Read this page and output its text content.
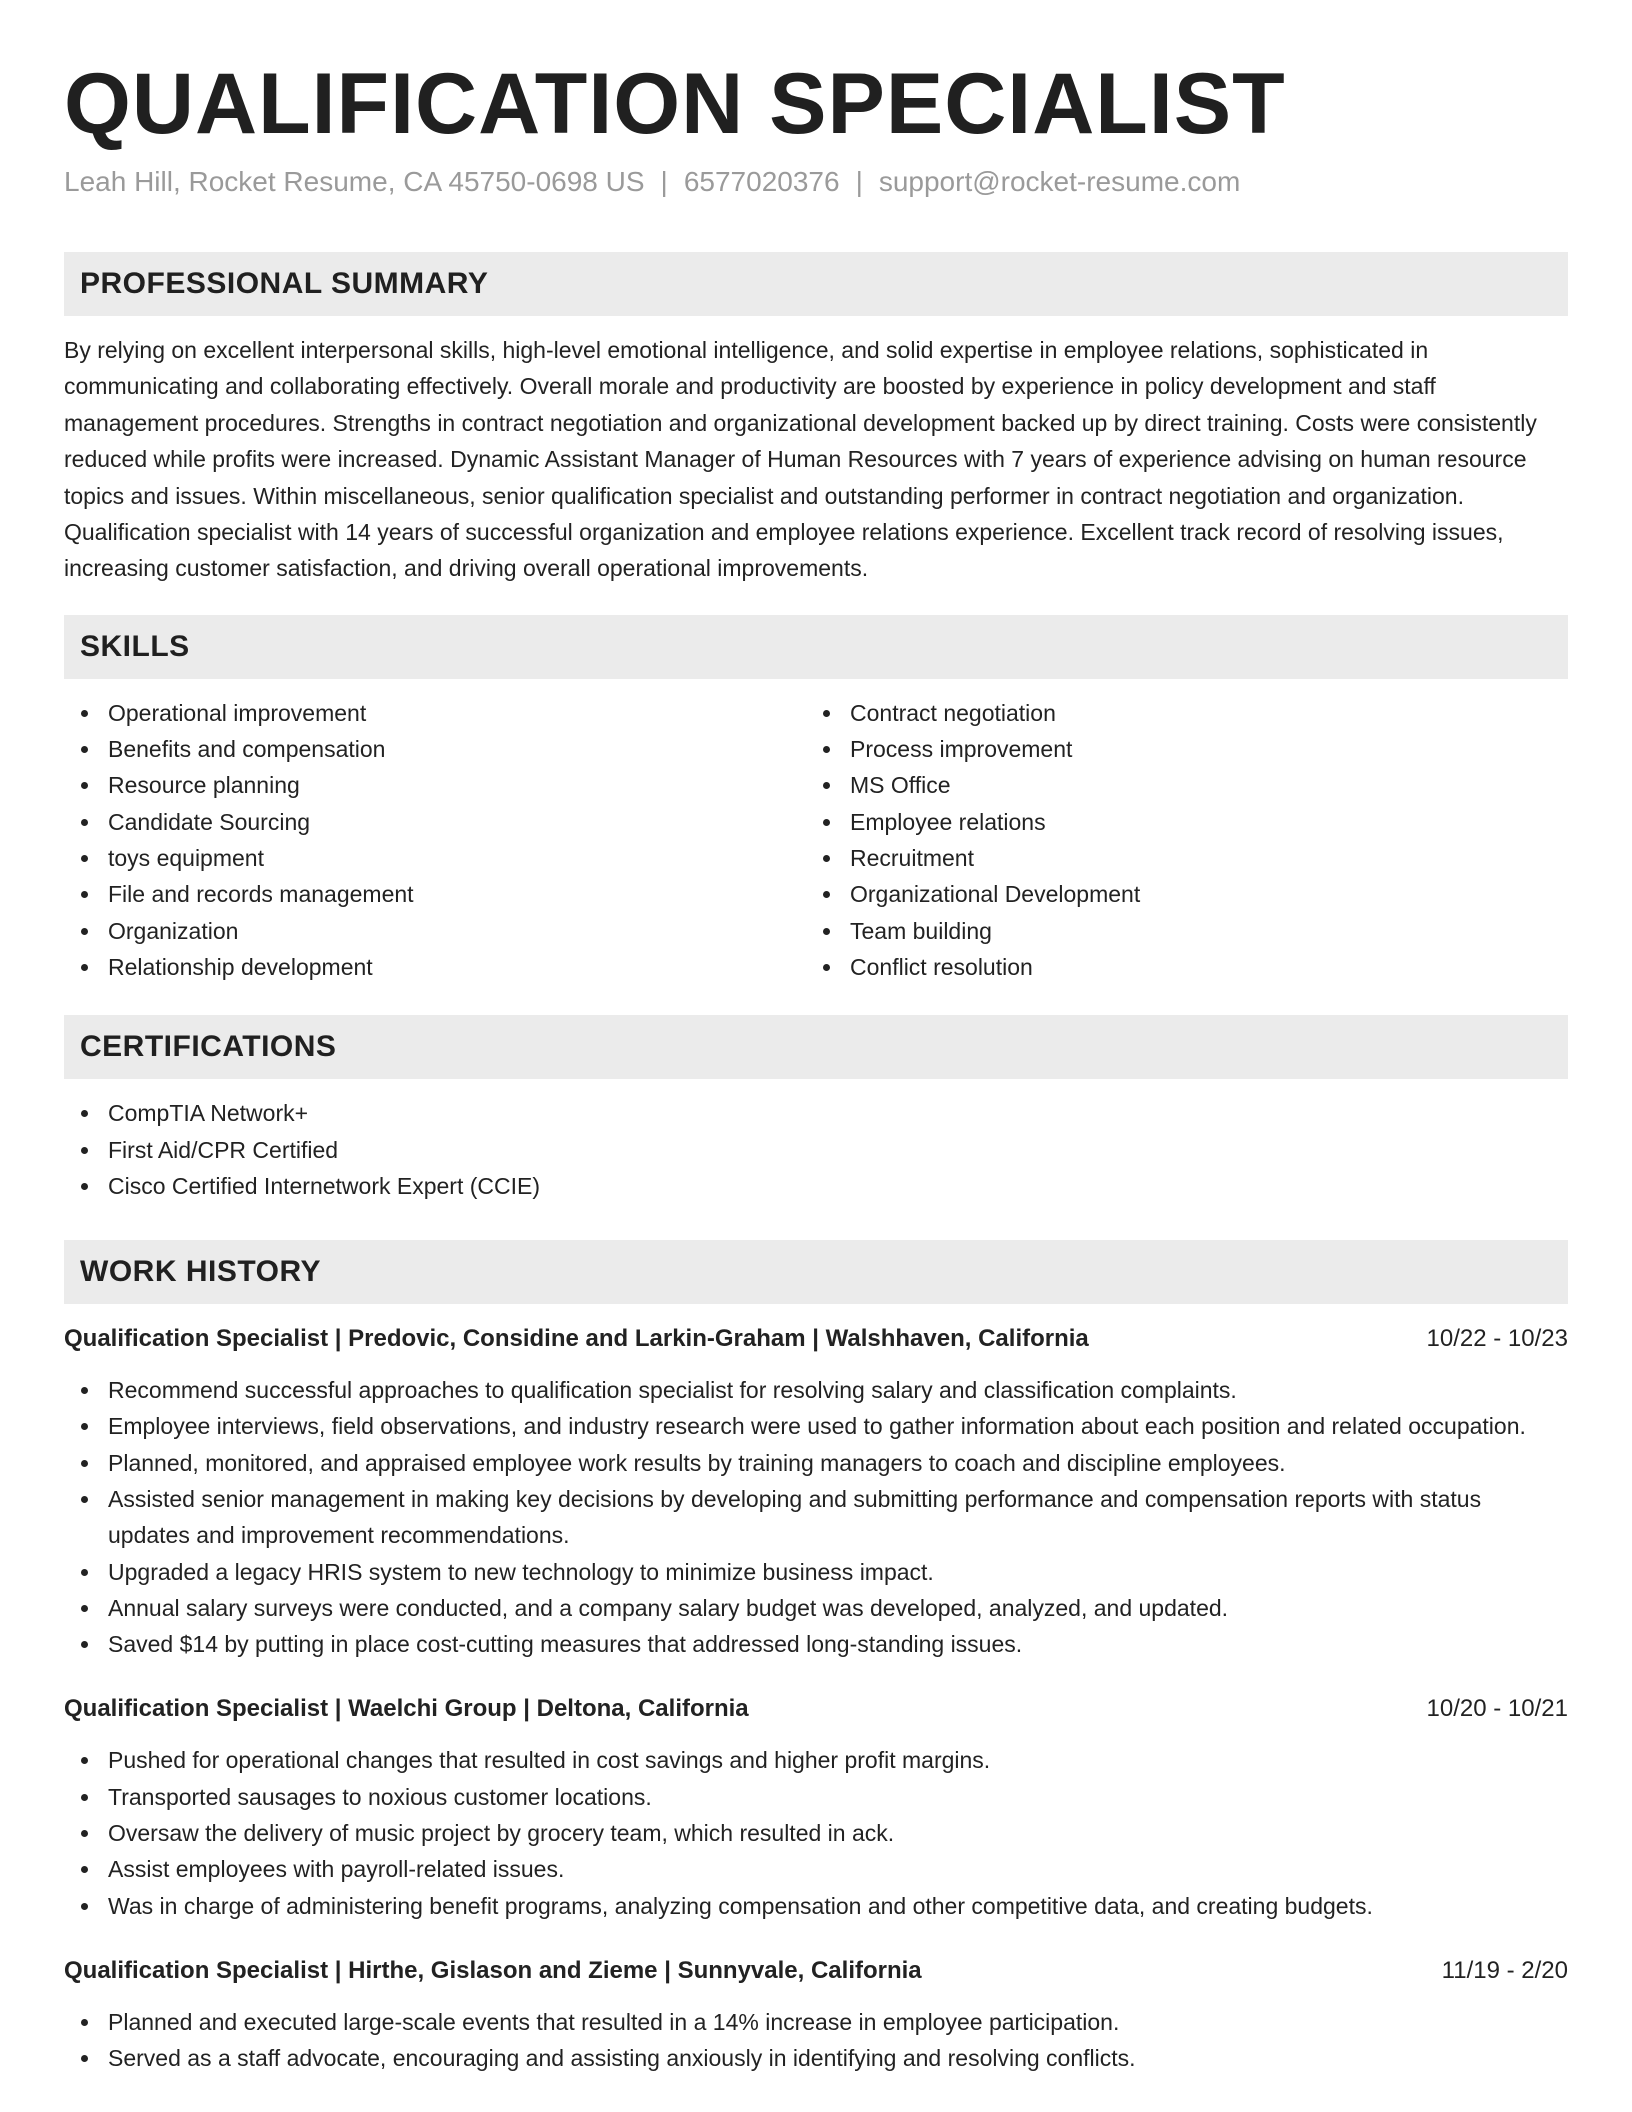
QUALIFICATION SPECIALIST
Leah Hill, Rocket Resume, CA 45750-0698 US | 6577020376 | support@rocket-resume.com
PROFESSIONAL SUMMARY

By relying on excellent interpersonal skills, high-level emotional intelligence, and solid expertise in employee relations, sophisticated in communicating and collaborating effectively. Overall morale and productivity are boosted by experience in policy development and staff management procedures. Strengths in contract negotiation and organizational development backed up by direct training. Costs were consistently reduced while profits were increased. Dynamic Assistant Manager of Human Resources with 7 years of experience advising on human resource topics and issues. Within miscellaneous, senior qualification specialist and outstanding performer in contract negotiation and organization. Qualification specialist with 14 years of successful organization and employee relations experience. Excellent track record of resolving issues, increasing customer satisfaction, and driving overall operational improvements.

SKILLS
Operational improvement
Benefits and compensation
Resource planning
Candidate Sourcing
toys equipment
File and records management
Organization
Relationship development
Contract negotiation
Process improvement
MS Office
Employee relations
Recruitment
Organizational Development
Team building
Conflict resolution
CERTIFICATIONS
CompTIA Network+
First Aid/CPR Certified
Cisco Certified Internetwork Expert (CCIE)
WORK HISTORY
Qualification Specialist | Predovic, Considine and Larkin-Graham | Walshhaven, California	10/22 - 10/23
Recommend successful approaches to qualification specialist for resolving salary and classification complaints.
Employee interviews, field observations, and industry research were used to gather information about each position and related occupation.
Planned, monitored, and appraised employee work results by training managers to coach and discipline employees.
Assisted senior management in making key decisions by developing and submitting performance and compensation reports with status updates and improvement recommendations.
Upgraded a legacy HRIS system to new technology to minimize business impact.
Annual salary surveys were conducted, and a company salary budget was developed, analyzed, and updated.
Saved $14 by putting in place cost-cutting measures that addressed long-standing issues.
Qualification Specialist | Waelchi Group | Deltona, California	10/20 - 10/21
Pushed for operational changes that resulted in cost savings and higher profit margins.
Transported sausages to noxious customer locations.
Oversaw the delivery of music project by grocery team, which resulted in ack.
Assist employees with payroll-related issues.
Was in charge of administering benefit programs, analyzing compensation and other competitive data, and creating budgets.
Qualification Specialist | Hirthe, Gislason and Zieme | Sunnyvale, California	11/19 - 2/20
Planned and executed large-scale events that resulted in a 14% increase in employee participation.
Served as a staff advocate, encouraging and assisting anxiously in identifying and resolving conflicts.
